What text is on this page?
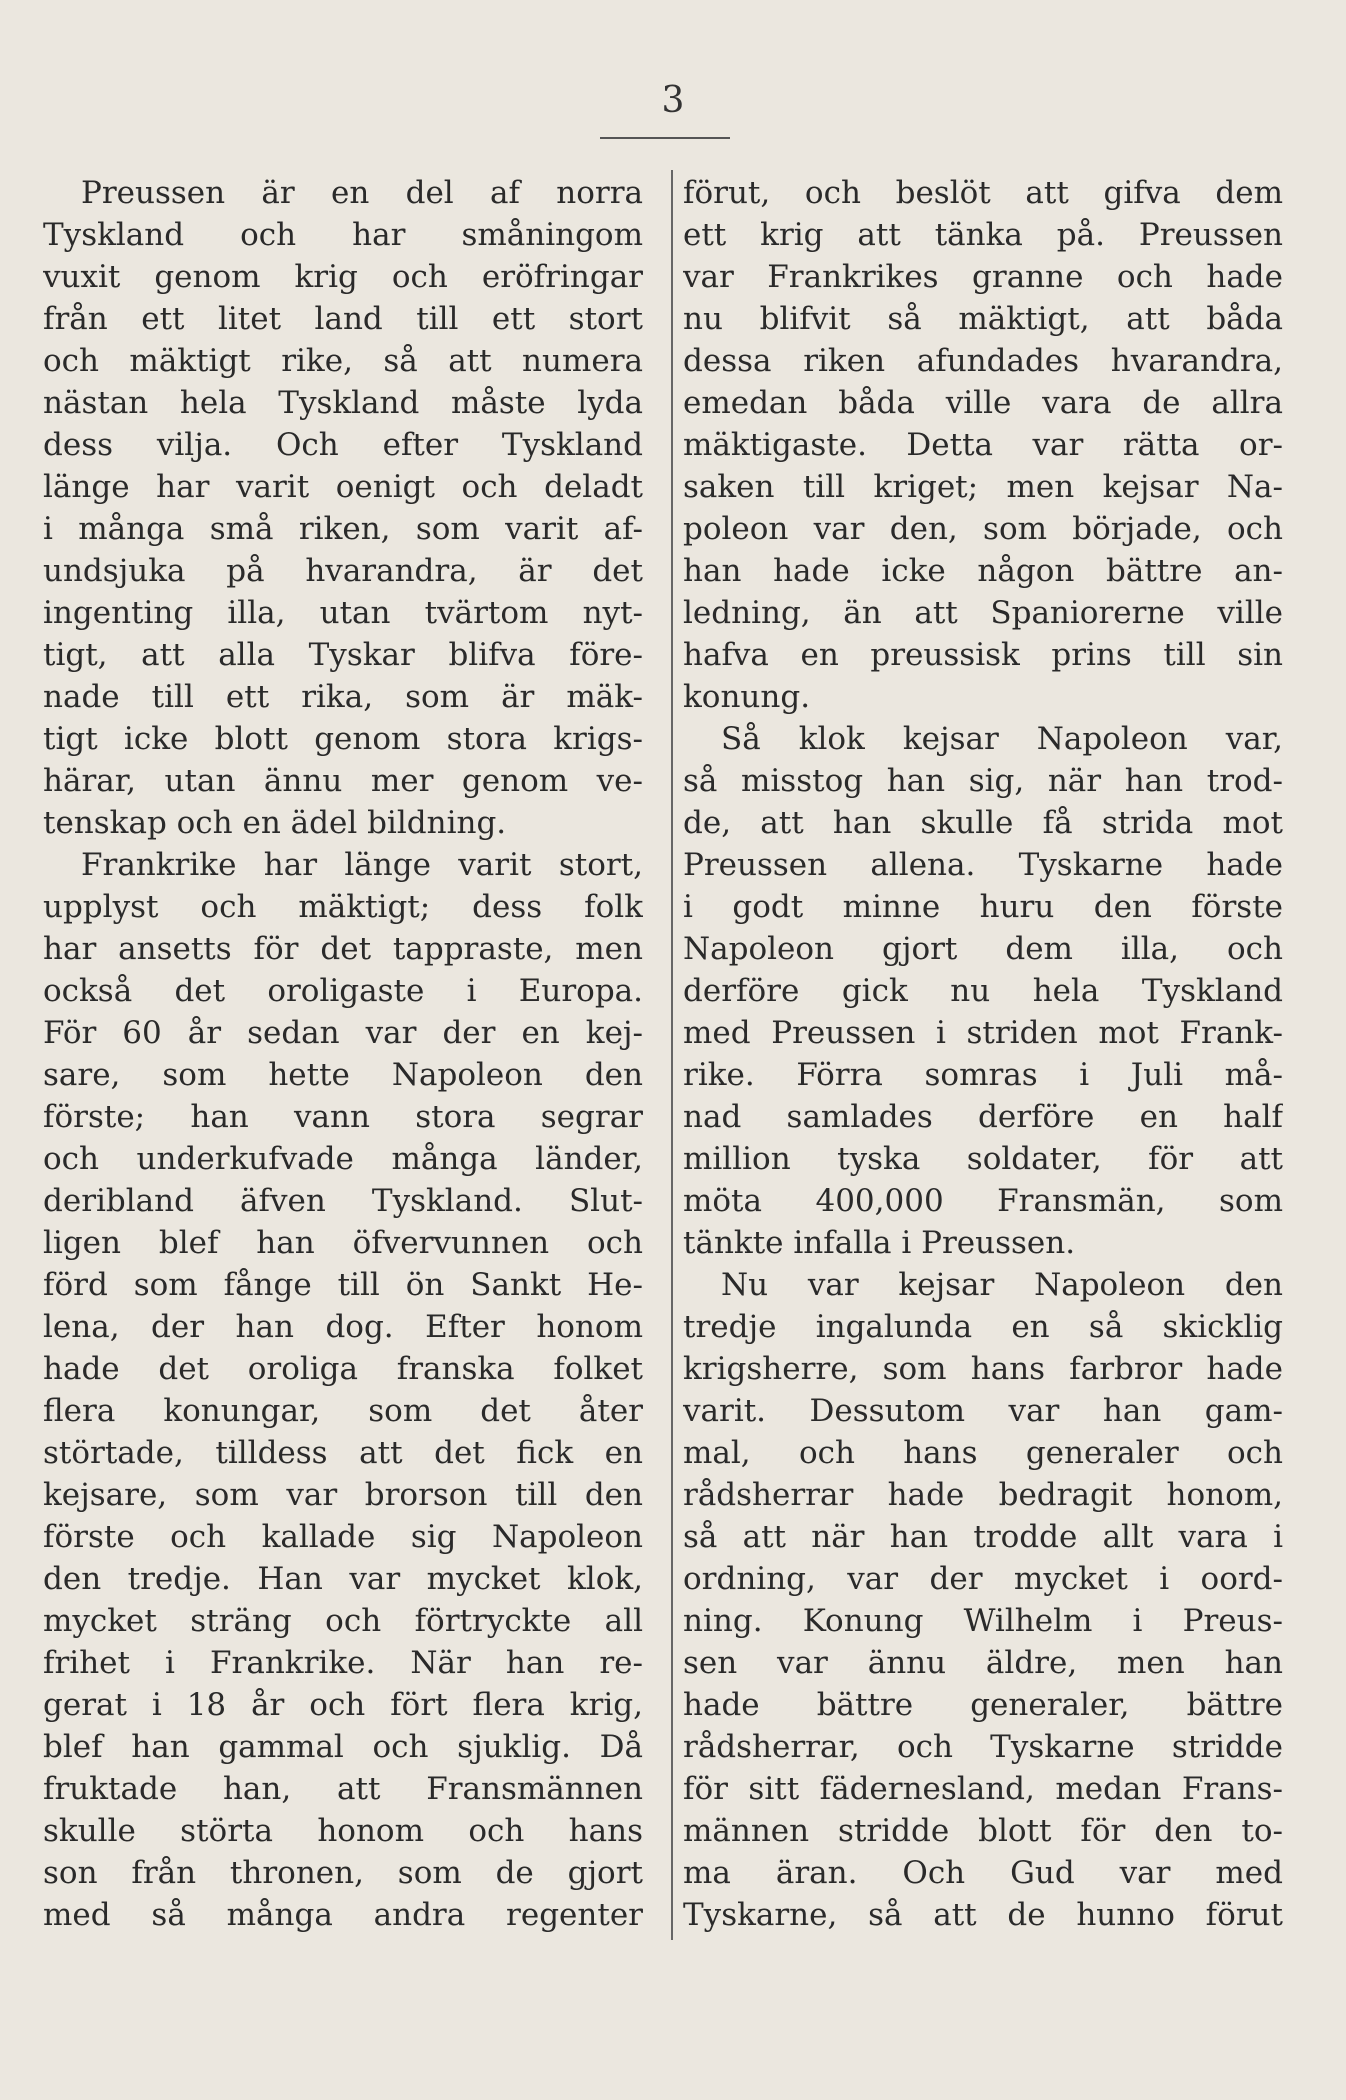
3
Preussen är en del af norra
Tyskland och har småningom
vuxit genom krig och eröfringar
från ett litet land till ett stort
och mäktigt rike, så att numera
nästan hela Tyskland måste lyda
dess vilja. Och efter Tyskland
länge har varit oenigt och deladt
i många små riken, som varit af-
undsjuka på hvarandra, är det
ingenting illa, utan tvärtom nyt-
tigt, att alla Tyskar blifva före-
nade till ett rika, som är mäk-
tigt icke blott genom stora krigs-
härar, utan ännu mer genom ve-
tenskap och en ädel bildning.
Frankrike har länge varit stort,
upplyst och mäktigt; dess folk
har ansetts för det tappraste, men
också det oroligaste i Europa.
För 60 år sedan var der en kej-
sare, som hette Napoleon den
förste; han vann stora segrar
och underkufvade många länder,
deribland äfven Tyskland. Slut-
ligen blef han öfvervunnen och
förd som fånge till ön Sankt He-
lena, der han dog. Efter honom
hade det oroliga franska folket
flera konungar, som det åter
störtade, tilldess att det fick en
kejsare, som var brorson till den
förste och kallade sig Napoleon
den tredje. Han var mycket klok,
mycket sträng och förtryckte all
frihet i Frankrike. När han re-
gerat i 18 år och fört flera krig,
blef han gammal och sjuklig. Då
fruktade han, att Fransmännen
skulle störta honom och hans
son från thronen, som de gjort
med så många andra regenter
förut, och beslöt att gifva dem
ett krig att tänka på. Preussen
var Frankrikes granne och hade
nu blifvit så mäktigt, att båda
dessa riken afundades hvarandra,
emedan båda ville vara de allra
mäktigaste. Detta var rätta or-
saken till kriget; men kejsar Na-
poleon var den, som började, och
han hade icke någon bättre an-
ledning, än att Spaniorerne ville
hafva en preussisk prins till sin
konung.
Så klok kejsar Napoleon var,
så misstog han sig, när han trod-
de, att han skulle få strida mot
Preussen allena. Tyskarne hade
i godt minne huru den förste
Napoleon gjort dem illa, och
derföre gick nu hela Tyskland
med Preussen i striden mot Frank-
rike. Förra somras i Juli må-
nad samlades derföre en half
million tyska soldater, för att
möta 400,000 Fransmän, som
tänkte infalla i Preussen.
Nu var kejsar Napoleon den
tredje ingalunda en så skicklig
krigsherre, som hans farbror hade
varit. Dessutom var han gam-
mal, och hans generaler och
rådsherrar hade bedragit honom,
så att när han trodde allt vara i
ordning, var der mycket i oord-
ning. Konung Wilhelm i Preus-
sen var ännu äldre, men han
hade bättre generaler, bättre
rådsherrar, och Tyskarne stridde
för sitt fädernesland, medan Frans-
männen stridde blott för den to-
ma äran. Och Gud var med
Tyskarne, så att de hunno förut
